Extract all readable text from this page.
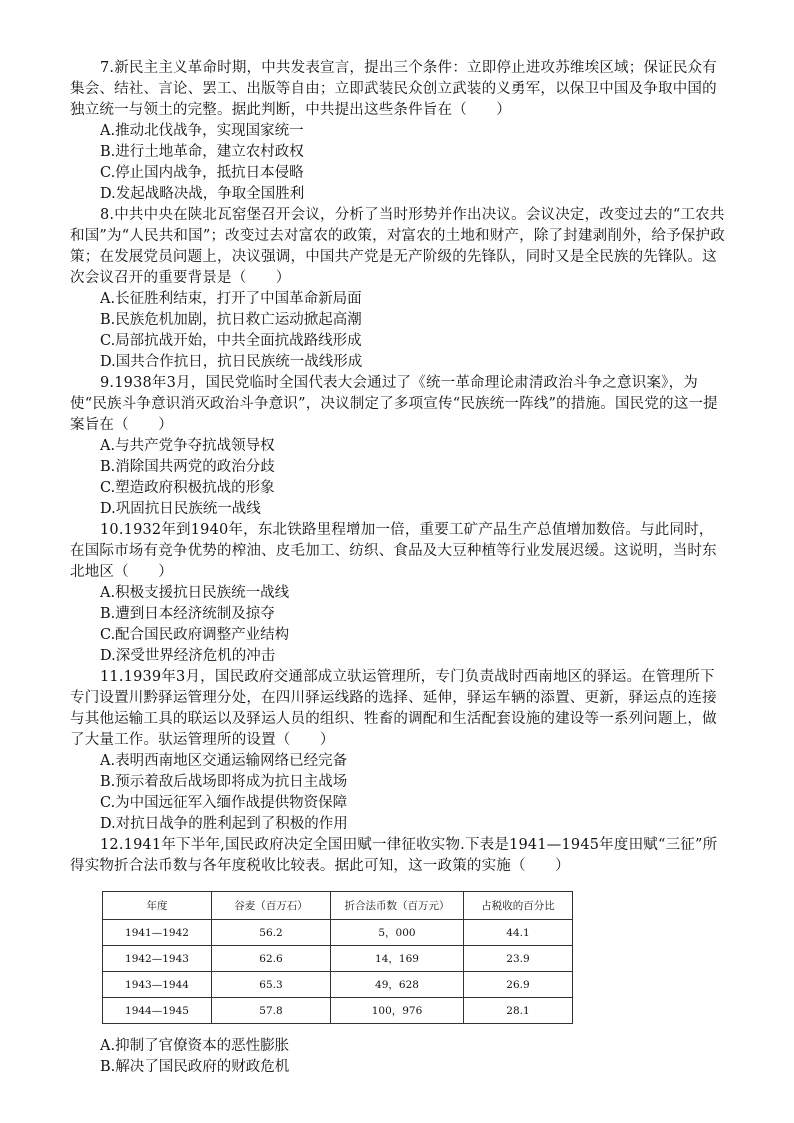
7.新民主主义革命时期，中共发表宣言，提出三个条件：立即停止进攻苏维埃区域；保证民众有集会、结社、言论、罢工、出版等自由；立即武装民众创立武装的义勇军，以保卫中国及争取中国的独立统一与领土的完整。据此判断，中共提出这些条件旨在（　　）

A.推动北伐战争，实现国家统一

B.进行土地革命，建立农村政权

C.停止国内战争，抵抗日本侵略

D.发起战略决战，争取全国胜利

8.中共中央在陕北瓦窑堡召开会议，分析了当时形势并作出决议。会议决定，改变过去的“工农共和国”为“人民共和国”；改变过去对富农的政策，对富农的土地和财产，除了封建剥削外，给予保护政策；在发展党员问题上，决议强调，中国共产党是无产阶级的先锋队，同时又是全民族的先锋队。这次会议召开的重要背景是（　　）

A.长征胜利结束，打开了中国革命新局面

B.民族危机加剧，抗日救亡运动掀起高潮

C.局部抗战开始，中共全面抗战路线形成

D.国共合作抗日，抗日民族统一战线形成

9.1938年3月，国民党临时全国代表大会通过了《统一革命理论肃清政治斗争之意识案》，为使“民族斗争意识消灭政治斗争意识”，决议制定了多项宣传“民族统一阵线”的措施。国民党的这一提案旨在（　　）

A.与共产党争夺抗战领导权

B.消除国共两党的政治分歧

C.塑造政府积极抗战的形象

D.巩固抗日民族统一战线

10.1932年到1940年，东北铁路里程增加一倍，重要工矿产品生产总值增加数倍。与此同时，在国际市场有竞争优势的榨油、皮毛加工、纺织、食品及大豆种植等行业发展迟缓。这说明，当时东北地区（　　）

A.积极支援抗日民族统一战线

B.遭到日本经济统制及掠夺

C.配合国民政府调整产业结构

D.深受世界经济危机的冲击

11.1939年3月，国民政府交通部成立驮运管理所，专门负责战时西南地区的驿运。在管理所下专门设置川黔驿运管理分处，在四川驿运线路的选择、延伸，驿运车辆的添置、更新，驿运点的连接与其他运输工具的联运以及驿运人员的组织、牲畜的调配和生活配套设施的建设等一系列问题上，做了大量工作。驮运管理所的设置（　　）

A.表明西南地区交通运输网络已经完备

B.预示着敌后战场即将成为抗日主战场

C.为中国远征军入缅作战提供物资保障

D.对抗日战争的胜利起到了积极的作用

12.1941年下半年,国民政府决定全国田赋一律征收实物.下表是1941—1945年度田赋“三征”所得实物折合法币数与各年度税收比较表。据此可知，这一政策的实施（　　）

年度	谷麦（百万石）	折合法币数（百万元）	占税收的百分比
1941—1942	56.2	5，000	44.1
1942—1943	62.6	14，169	23.9
1943—1944	65.3	49，628	26.9
1944—1945	57.8	100，976	28.1

A.抑制了官僚资本的恶性膨胀

B.解决了国民政府的财政危机
